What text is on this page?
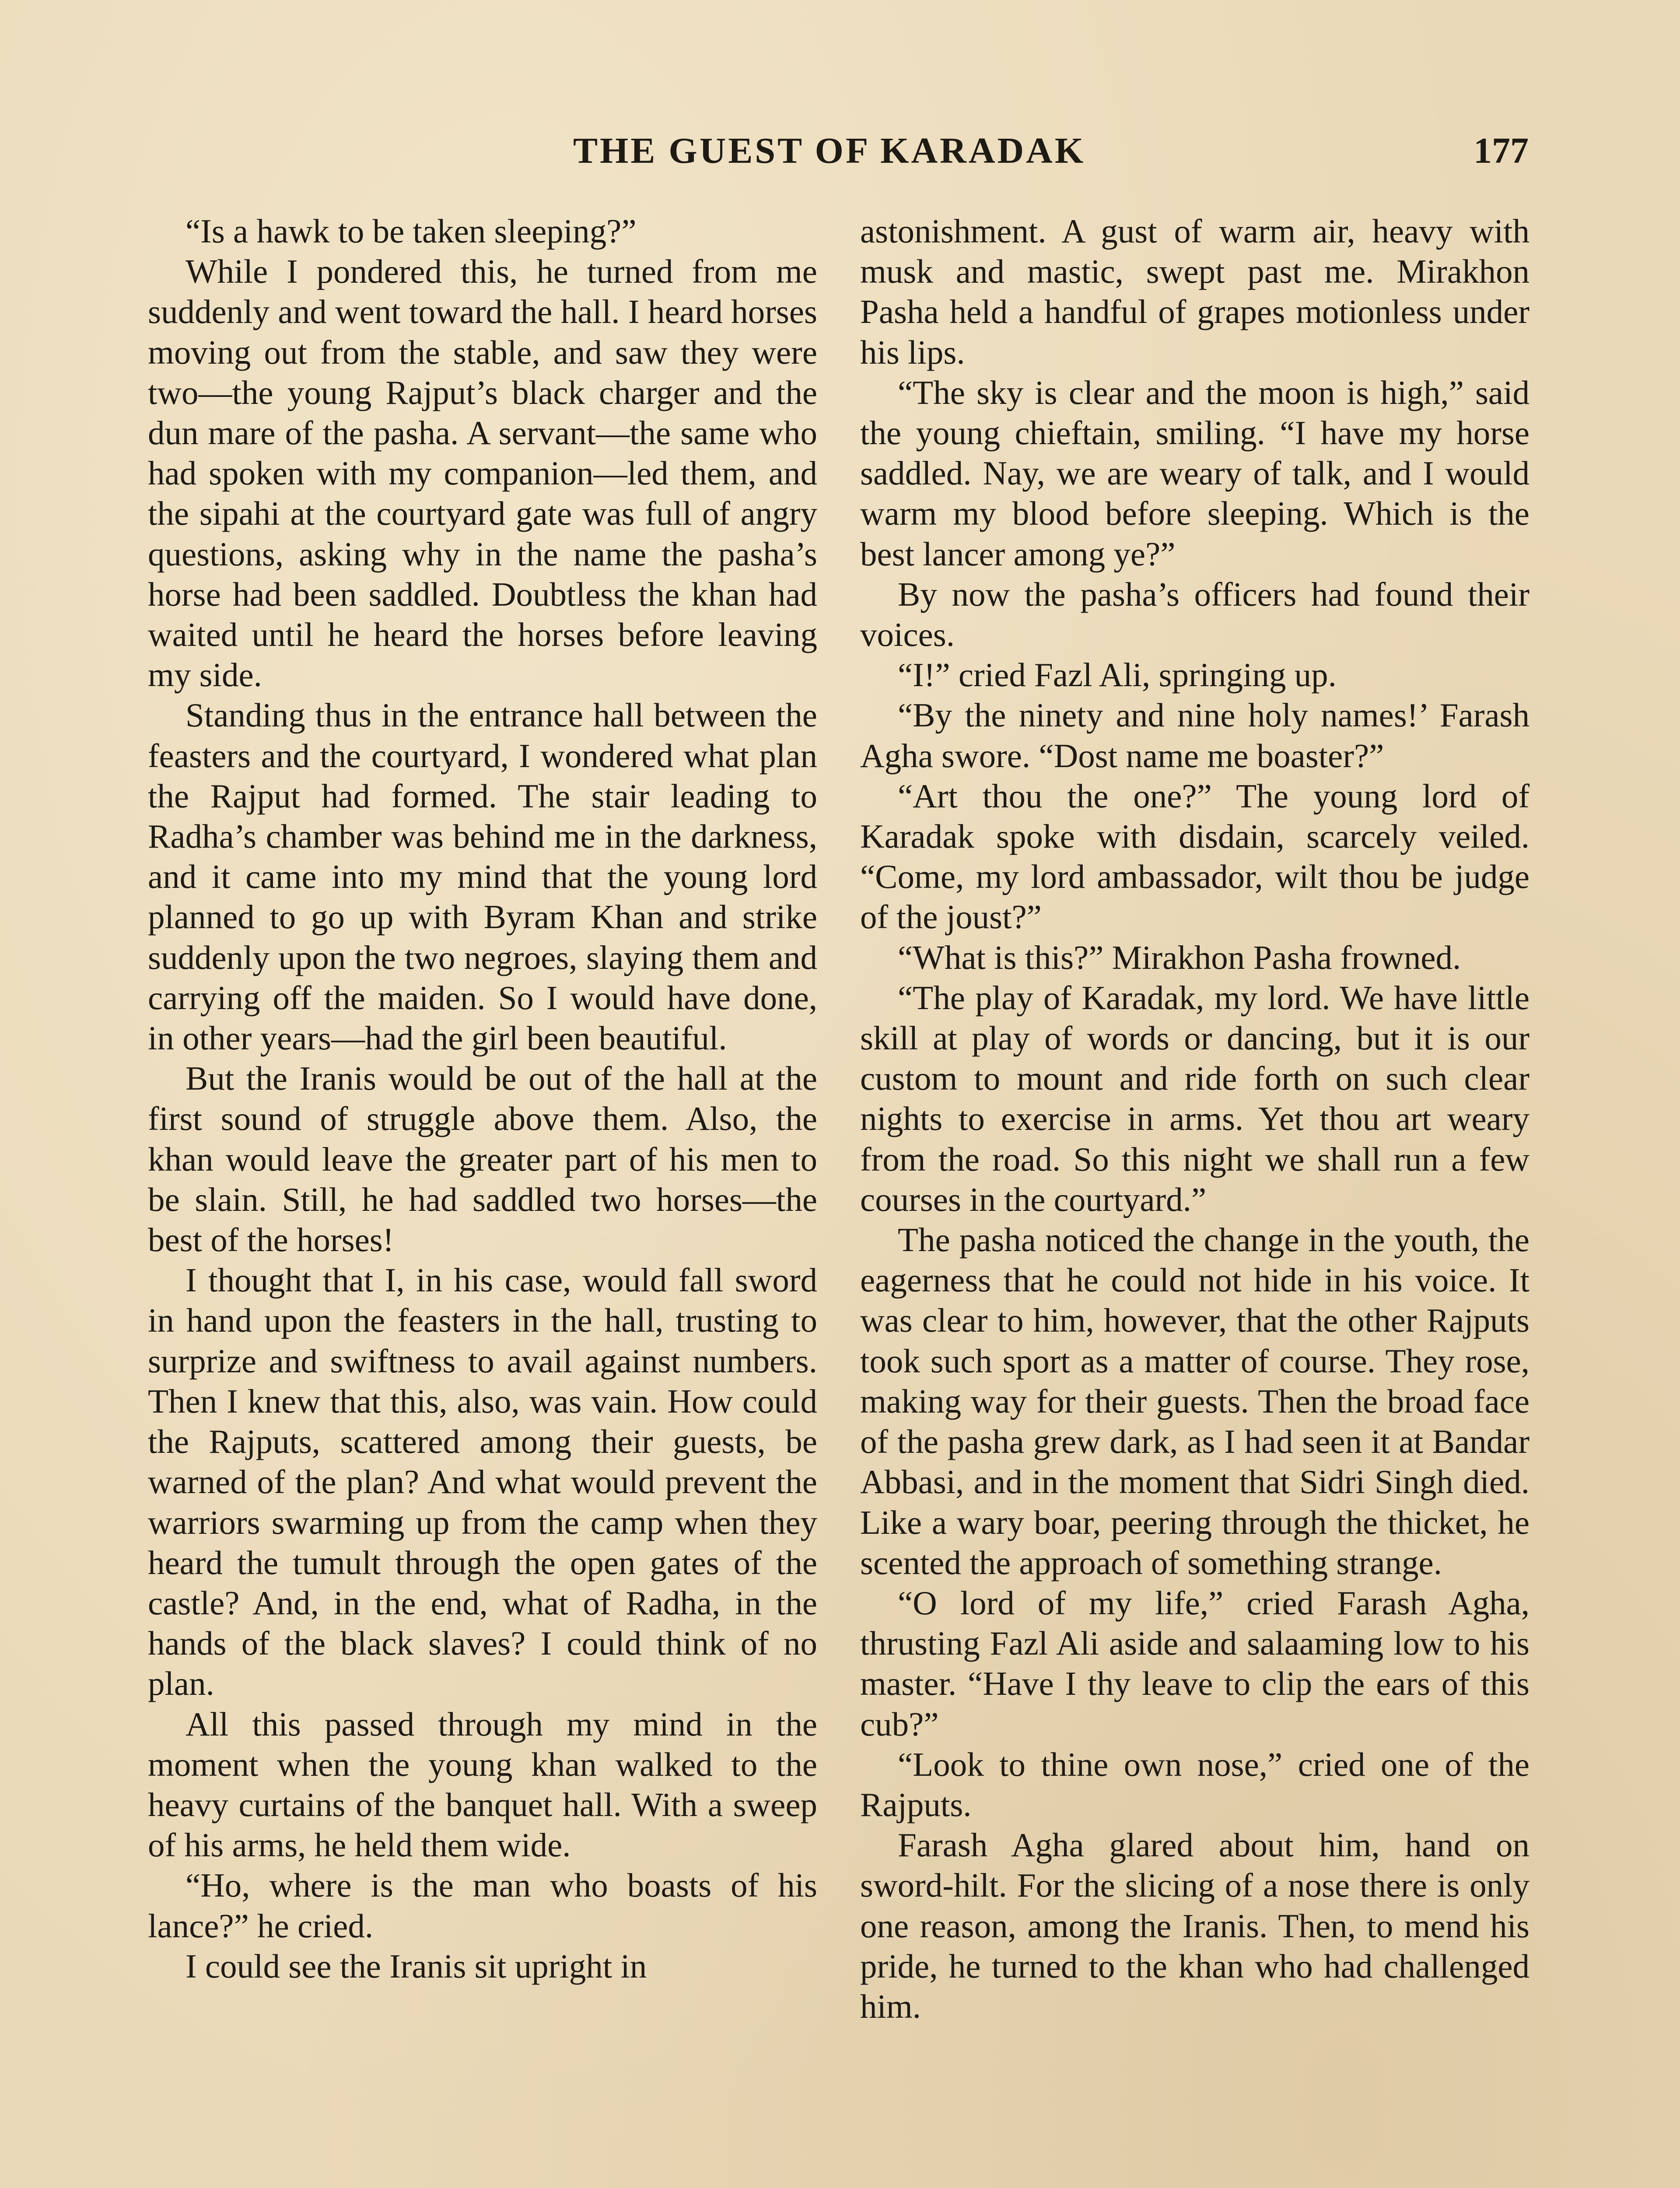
THE GUEST OF KARADAK	177

“Is a hawk to be taken sleeping?”

While I pondered this, he turned from me suddenly and went toward the hall. I heard horses moving out from the stable, and saw they were two—the young Rajput’s black charger and the dun mare of the pasha. A servant—the same who had spoken with my companion—led them, and the sipahi at the courtyard gate was full of angry questions, asking why in the name the pasha’s horse had been saddled. Doubtless the khan had waited until he heard the horses before leaving my side.

Standing thus in the entrance hall between the feasters and the courtyard, I wondered what plan the Rajput had formed. The stair leading to Radha’s chamber was behind me in the darkness, and it came into my mind that the young lord planned to go up with Byram Khan and strike suddenly upon the two negroes, slaying them and carrying off the maiden. So I would have done, in other years—had the girl been beautiful.

But the Iranis would be out of the hall at the first sound of struggle above them. Also, the khan would leave the greater part of his men to be slain. Still, he had saddled two horses—the best of the horses!

I thought that I, in his case, would fall sword in hand upon the feasters in the hall, trusting to surprize and swiftness to avail against numbers. Then I knew that this, also, was vain. How could the Rajputs, scattered among their guests, be warned of the plan? And what would prevent the warriors swarming up from the camp when they heard the tumult through the open gates of the castle? And, in the end, what of Radha, in the hands of the black slaves? I could think of no plan.

All this passed through my mind in the moment when the young khan walked to the heavy curtains of the banquet hall. With a sweep of his arms, he held them wide.

“Ho, where is the man who boasts of his lance?” he cried.

I could see the Iranis sit upright in

astonishment. A gust of warm air, heavy with musk and mastic, swept past me. Mirakhon Pasha held a handful of grapes motionless under his lips.

“The sky is clear and the moon is high,” said the young chieftain, smiling. “I have my horse saddled. Nay, we are weary of talk, and I would warm my blood before sleeping. Which is the best lancer among ye?”

By now the pasha’s officers had found their voices.

“I!” cried Fazl Ali, springing up.

“By the ninety and nine holy names!’ Farash Agha swore. “Dost name me boaster?”

“Art thou the one?” The young lord of Karadak spoke with disdain, scarcely veiled. “Come, my lord ambassador, wilt thou be judge of the joust?”

“What is this?” Mirakhon Pasha frowned.

“The play of Karadak, my lord. We have little skill at play of words or dancing, but it is our custom to mount and ride forth on such clear nights to exercise in arms. Yet thou art weary from the road. So this night we shall run a few courses in the courtyard.”

The pasha noticed the change in the youth, the eagerness that he could not hide in his voice. It was clear to him, however, that the other Rajputs took such sport as a matter of course. They rose, making way for their guests. Then the broad face of the pasha grew dark, as I had seen it at Bandar Abbasi, and in the moment that Sidri Singh died. Like a wary boar, peering through the thicket, he scented the approach of something strange.

“O lord of my life,” cried Farash Agha, thrusting Fazl Ali aside and salaaming low to his master. “Have I thy leave to clip the ears of this cub?”

“Look to thine own nose,” cried one of the Rajputs.

Farash Agha glared about him, hand on sword-hilt. For the slicing of a nose there is only one reason, among the Iranis. Then, to mend his pride, he turned to the khan who had challenged him.
